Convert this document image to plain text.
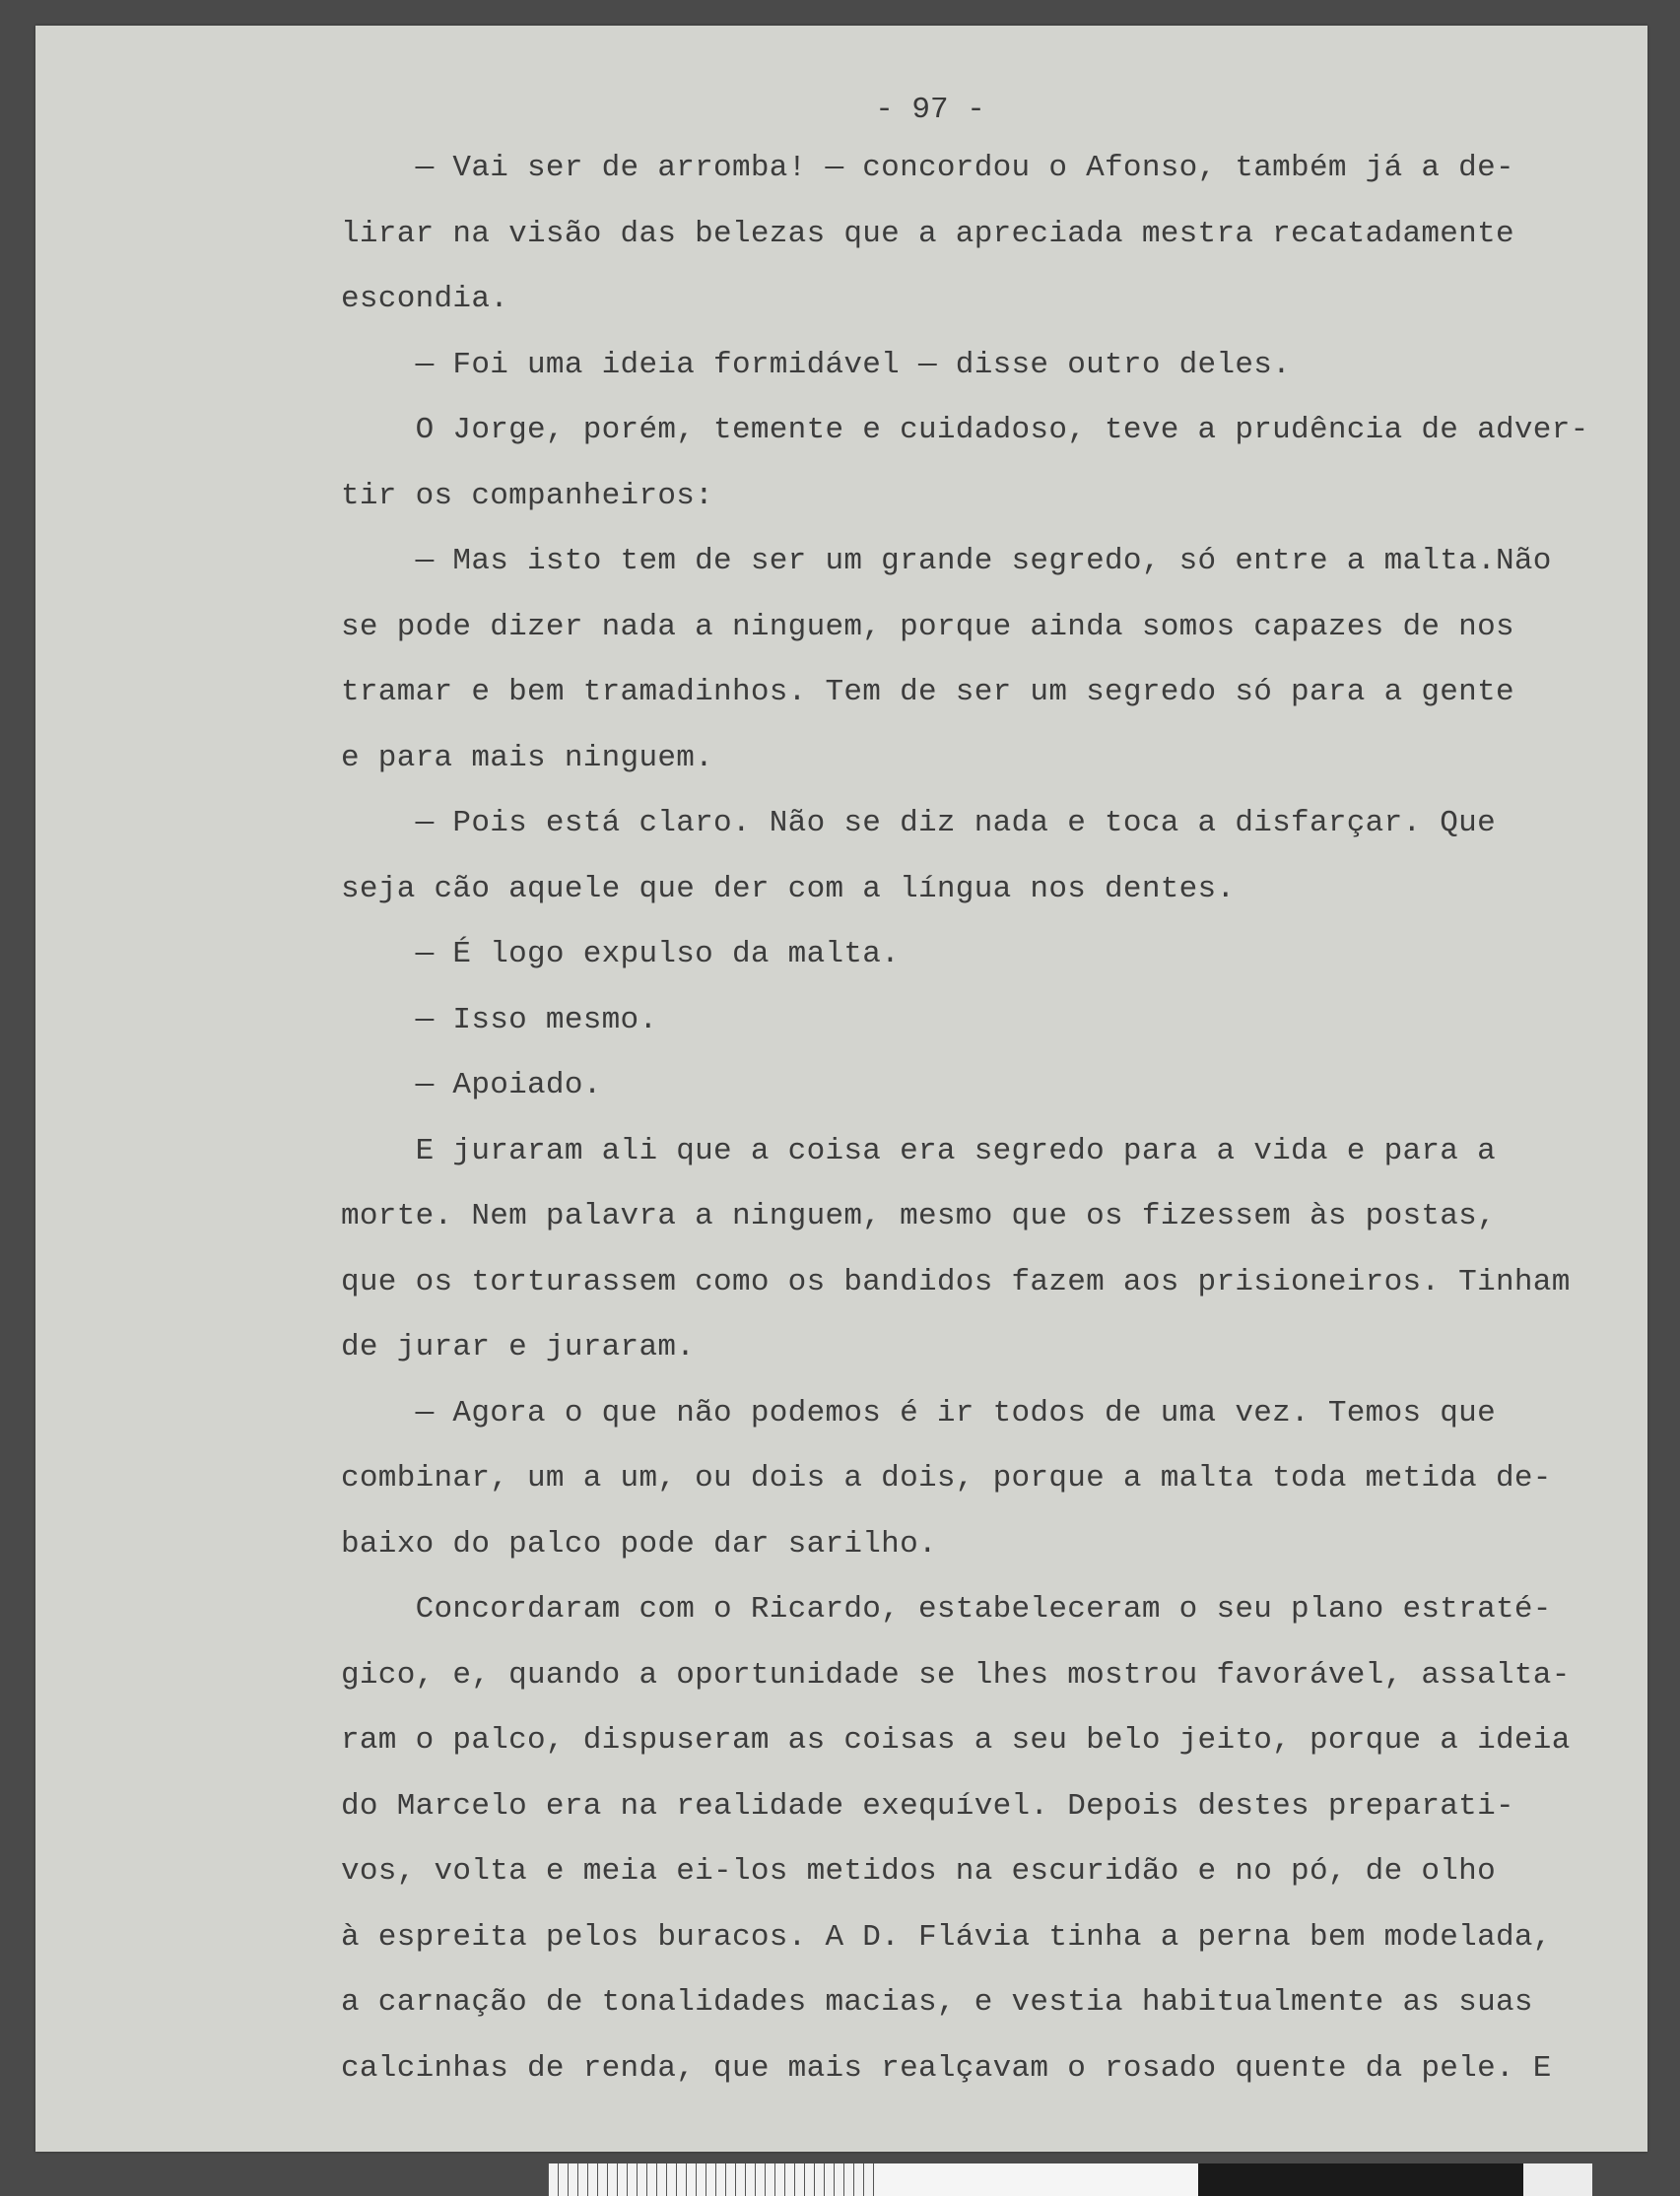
- 97 -
— Vai ser de arromba! — concordou o Afonso, também já a de-
lirar na visão das belezas que a apreciada mestra recatadamente
escondia.
— Foi uma ideia formidável — disse outro deles.
O Jorge, porém, temente e cuidadoso, teve a prudência de adver-
tir os companheiros:
— Mas isto tem de ser um grande segredo, só entre a malta.Não
se pode dizer nada a ninguem, porque ainda somos capazes de nos
tramar e bem tramadinhos. Tem de ser um segredo só para a gente
e para mais ninguem.
— Pois está claro. Não se diz nada e toca a disfarçar. Que
seja cão aquele que der com a língua nos dentes.
— É logo expulso da malta.
— Isso mesmo.
— Apoiado.
E juraram ali que a coisa era segredo para a vida e para a
morte. Nem palavra a ninguem, mesmo que os fizessem às postas,
que os torturassem como os bandidos fazem aos prisioneiros. Tinham
de jurar e juraram.
— Agora o que não podemos é ir todos de uma vez. Temos que
combinar, um a um, ou dois a dois, porque a malta toda metida de-
baixo do palco pode dar sarilho.
Concordaram com o Ricardo, estabeleceram o seu plano estraté-
gico, e, quando a oportunidade se lhes mostrou favorável, assalta-
ram o palco, dispuseram as coisas a seu belo jeito, porque a ideia
do Marcelo era na realidade exequível. Depois destes preparati-
vos, volta e meia ei-los metidos na escuridão e no pó, de olho
à espreita pelos buracos. A D. Flávia tinha a perna bem modelada,
a carnação de tonalidades macias, e vestia habitualmente as suas
calcinhas de renda, que mais realçavam o rosado quente da pele. E
